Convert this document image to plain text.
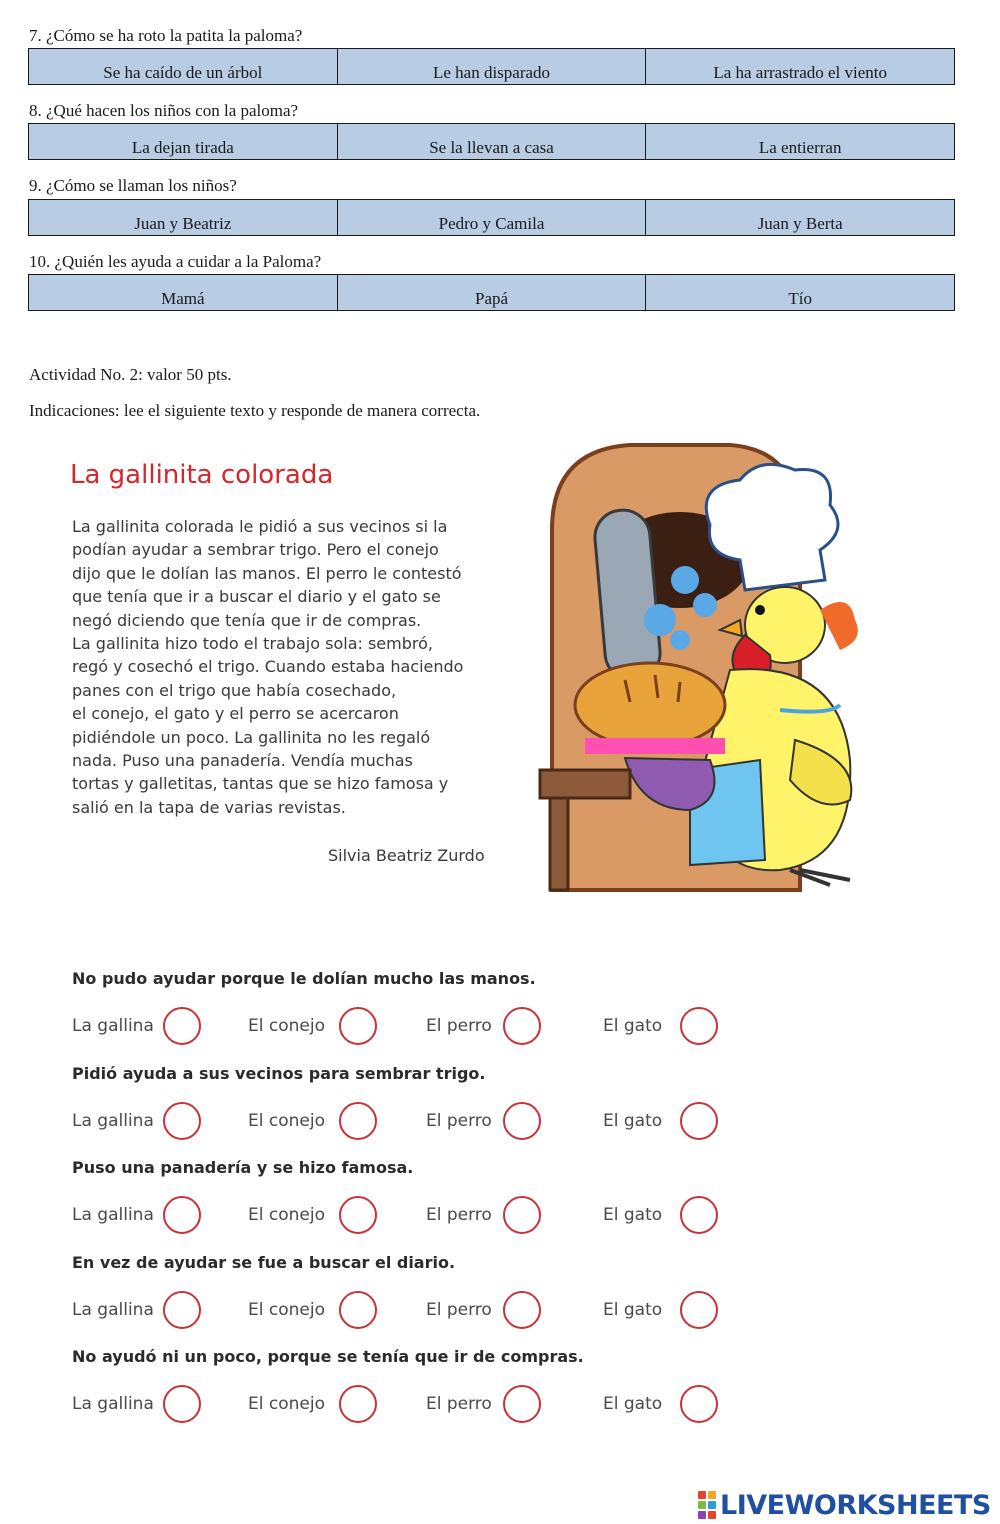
7. ¿Cómo se ha roto la patita la paloma?
Se ha caído de un árbol	Le han disparado	La ha arrastrado el viento
8. ¿Qué hacen los niños con la paloma?
La dejan tirada	Se la llevan a casa	La entierran
9. ¿Cómo se llaman los niños?
Juan y Beatriz	Pedro y Camila	Juan y Berta
10. ¿Quién les ayuda a cuidar a la Paloma?
Mamá	Papá	Tío
Actividad No. 2: valor 50 pts.
Indicaciones: lee el siguiente texto y responde de manera correcta.
La gallinita colorada
La gallinita colorada le pidió a sus vecinos si la
podían ayudar a sembrar trigo. Pero el conejo
dijo que le dolían las manos. El perro le contestó
que tenía que ir a buscar el diario y el gato se
negó diciendo que tenía que ir de compras.
La gallinita hizo todo el trabajo sola: sembró,
regó y cosechó el trigo. Cuando estaba haciendo
panes con el trigo que había cosechado,
el conejo, el gato y el perro se acercaron
pidiéndole un poco. La gallinita no les regaló
nada. Puso una panadería. Vendía muchas
tortas y galletitas, tantas que se hizo famosa y
salió en la tapa de varias revistas.
Silvia Beatriz Zurdo
No pudo ayudar porque le dolían mucho las manos.
La gallina	El conejo	El perro	El gato
Pidió ayuda a sus vecinos para sembrar trigo.
La gallina	El conejo	El perro	El gato
Puso una panadería y se hizo famosa.
La gallina	El conejo	El perro	El gato
En vez de ayudar se fue a buscar el diario.
La gallina	El conejo	El perro	El gato
No ayudó ni un poco, porque se tenía que ir de compras.
La gallina	El conejo	El perro	El gato
LIVEWORKSHEETS
